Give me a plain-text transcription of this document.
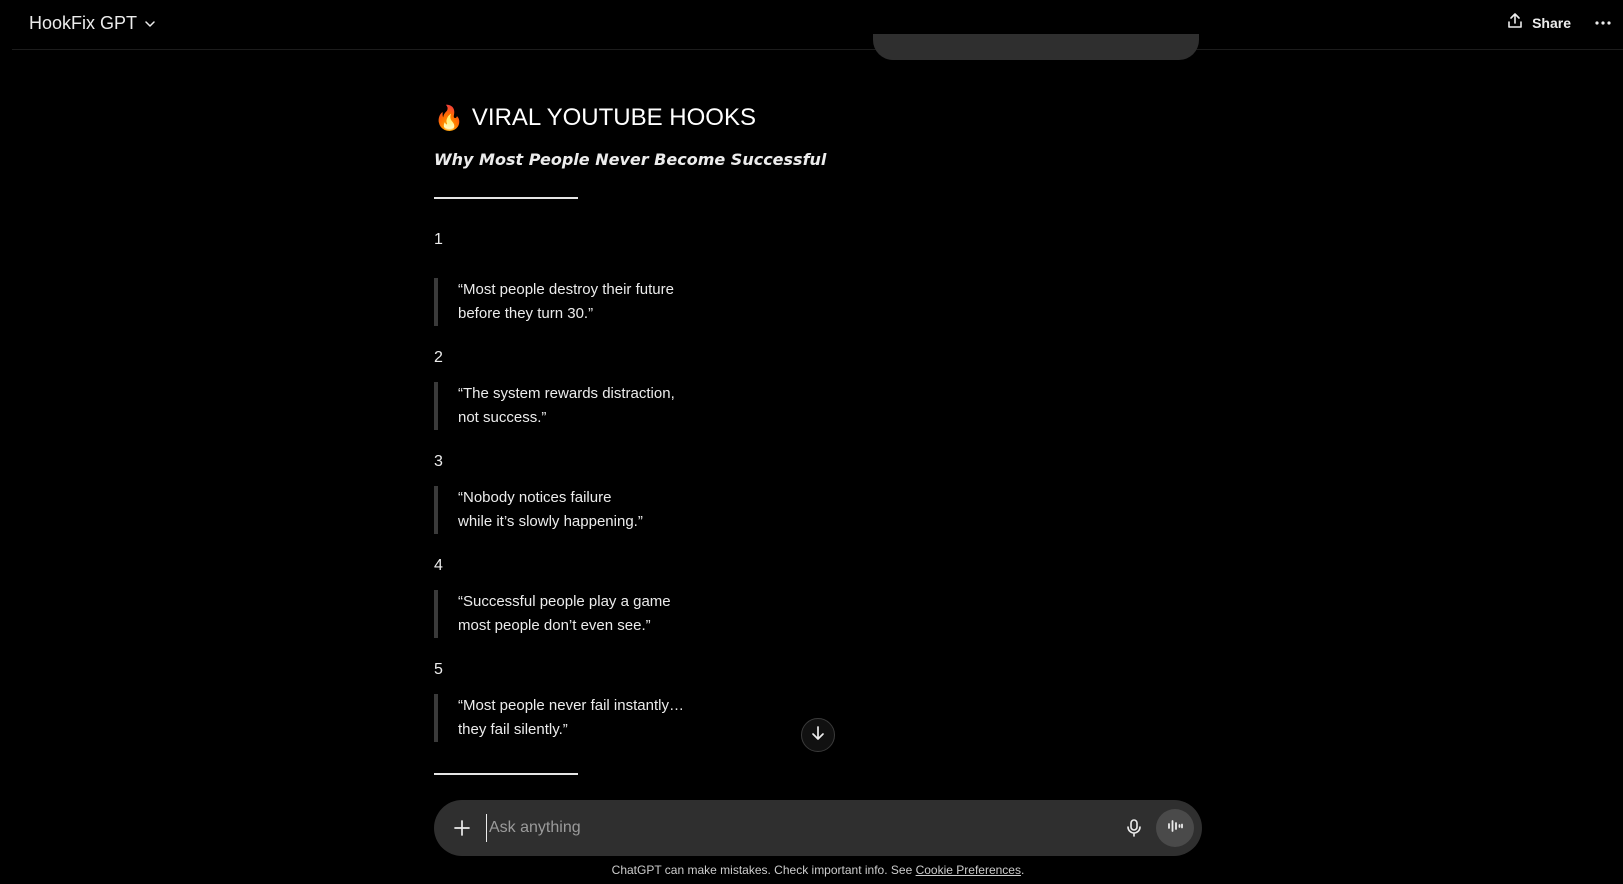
HookFix GPT	Share
🔥 VIRAL YOUTUBE HOOKS
Why Most People Never Become Successful
1
“Most people destroy their future
before they turn 30.”
2
“The system rewards distraction,
not success.”
3
“Nobody notices failure
while it’s slowly happening.”
4
“Successful people play a game
most people don’t even see.”
5
“Most people never fail instantly…
they fail silently.”
Ask anything
ChatGPT can make mistakes. Check important info. See Cookie Preferences.
